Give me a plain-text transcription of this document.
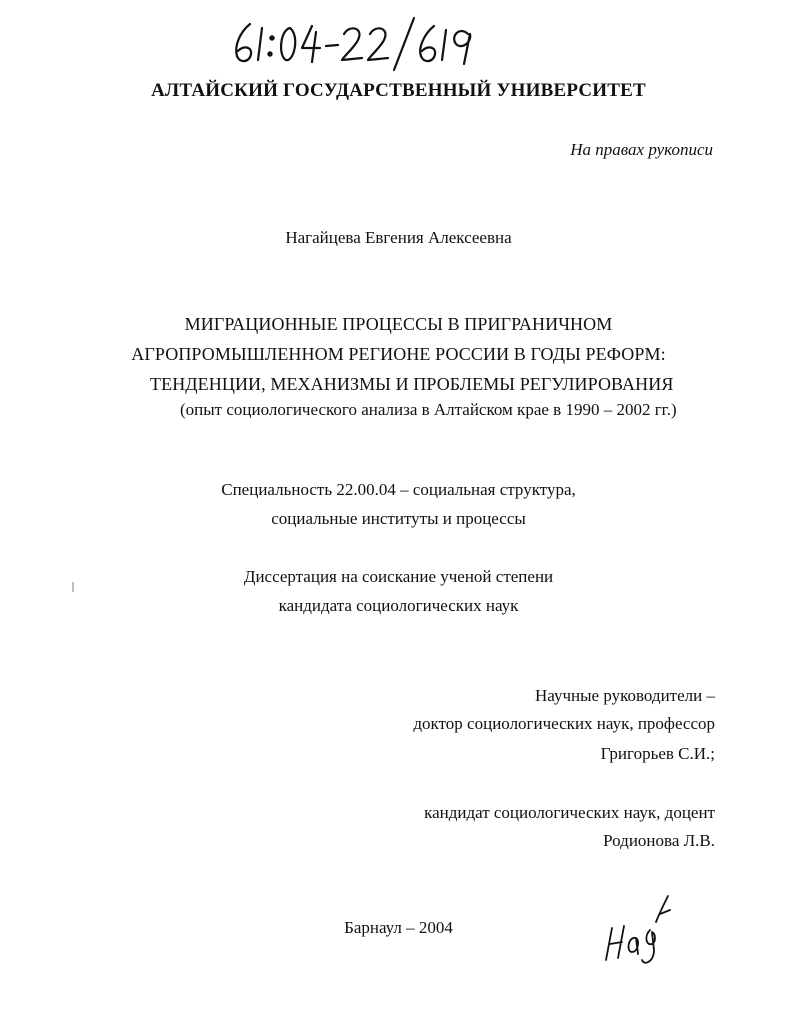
АЛТАЙСКИЙ ГОСУДАРСТВЕННЫЙ УНИВЕРСИТЕТ
На правах рукописи
Нагайцева Евгения Алексеевна
МИГРАЦИОННЫЕ ПРОЦЕССЫ В ПРИГРАНИЧНОМ
АГРОПРОМЫШЛЕННОМ РЕГИОНЕ РОССИИ В ГОДЫ РЕФОРМ:
ТЕНДЕНЦИИ, МЕХАНИЗМЫ И ПРОБЛЕМЫ РЕГУЛИРОВАНИЯ
(опыт социологического анализа в Алтайском крае в 1990 – 2002 гг.)
Специальность 22.00.04 – социальная структура,
социальные институты и процессы
Диссертация на соискание ученой степени
кандидата социологических наук
Научные руководители –
доктор социологических наук, профессор
Григорьев С.И.;
кандидат социологических наук, доцент
Родионова Л.В.
Барнаул – 2004
